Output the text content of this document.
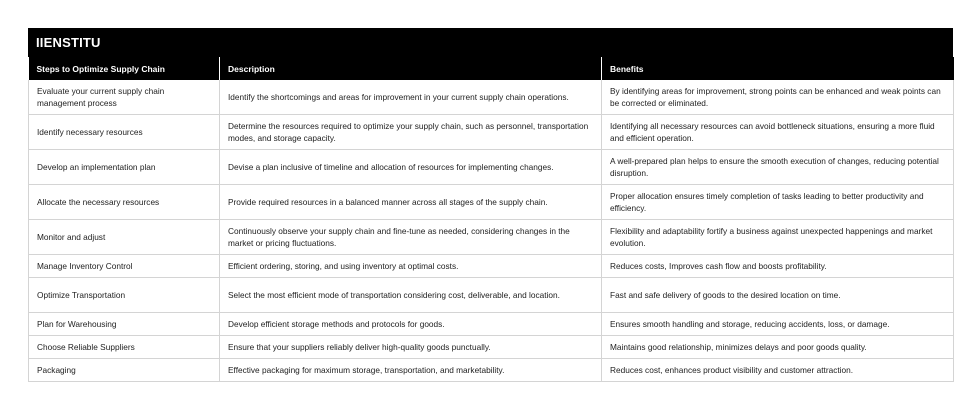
IIENSTITU
Steps to Optimize Supply Chain	Description	Benefits
Evaluate your current supply chain management process	Identify the shortcomings and areas for improvement in your current supply chain operations.	By identifying areas for improvement, strong points can be enhanced and weak points can be corrected or eliminated.
Identify necessary resources	Determine the resources required to optimize your supply chain, such as personnel, transportation modes, and storage capacity.	Identifying all necessary resources can avoid bottleneck situations, ensuring a more fluid and efficient operation.
Develop an implementation plan	Devise a plan inclusive of timeline and allocation of resources for implementing changes.	A well-prepared plan helps to ensure the smooth execution of changes, reducing potential disruption.
Allocate the necessary resources	Provide required resources in a balanced manner across all stages of the supply chain.	Proper allocation ensures timely completion of tasks leading to better productivity and efficiency.
Monitor and adjust	Continuously observe your supply chain and fine-tune as needed, considering changes in the market or pricing fluctuations.	Flexibility and adaptability fortify a business against unexpected happenings and market evolution.
Manage Inventory Control	Efficient ordering, storing, and using inventory at optimal costs.	Reduces costs, Improves cash flow and boosts profitability.
Optimize Transportation	Select the most efficient mode of transportation considering cost, deliverable, and location.	Fast and safe delivery of goods to the desired location on time.
Plan for Warehousing	Develop efficient storage methods and protocols for goods.	Ensures smooth handling and storage, reducing accidents, loss, or damage.
Choose Reliable Suppliers	Ensure that your suppliers reliably deliver high-quality goods punctually.	Maintains good relationship, minimizes delays and poor goods quality.
Packaging	Effective packaging for maximum storage, transportation, and marketability.	Reduces cost, enhances product visibility and customer attraction.
